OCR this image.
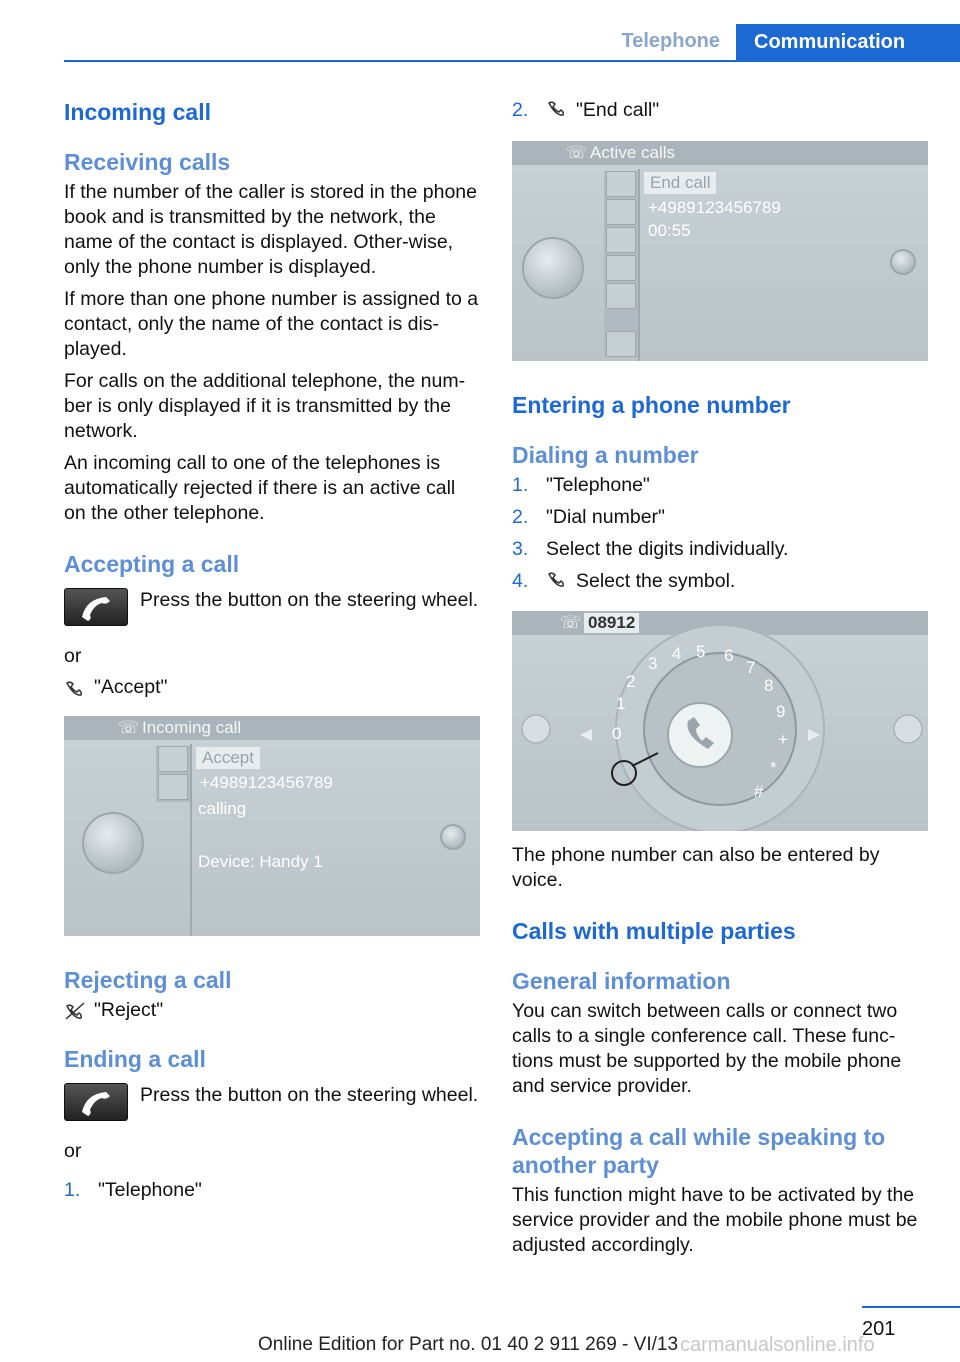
Telephone	Communication
Incoming call
Receiving calls

If the number of the caller is stored in the phone book and is transmitted by the network, the name of the contact is displayed. Other-wise, only the phone number is displayed.

If more than one phone number is assigned to a contact, only the name of the contact is dis-played.

For calls on the additional telephone, the num-ber is only displayed if it is transmitted by the network.

An incoming call to one of the telephones is automatically rejected if there is an active call on the other telephone.

Accepting a call

Press the button on the steering wheel.

or

"Accept"
☏ Incoming call
Accept
+4989123456789
calling
Device: Handy 1
Rejecting a call
"Reject"
Ending a call

Press the button on the steering wheel.

or

1. "Telephone"
2.	"End call"
☏ Active calls
End call
+4989123456789
00:55
Entering a phone number
Dialing a number
1. "Telephone"
2. "Dial number"
3. Select the digits individually.
4.	Select the symbol.
☏ 08912
0
1
2
3
4 5 6
7
8
9
+
*
#

The phone number can also be entered by voice.

Calls with multiple parties
General information

You can switch between calls or connect two calls to a single conference call. These func-tions must be supported by the mobile phone and service provider.

Accepting a call while speaking to another party

This function might have to be activated by the service provider and the mobile phone must be adjusted accordingly.

201
Online Edition for Part no. 01 40 2 911 269 - VI/13 carmanualsonline.info
